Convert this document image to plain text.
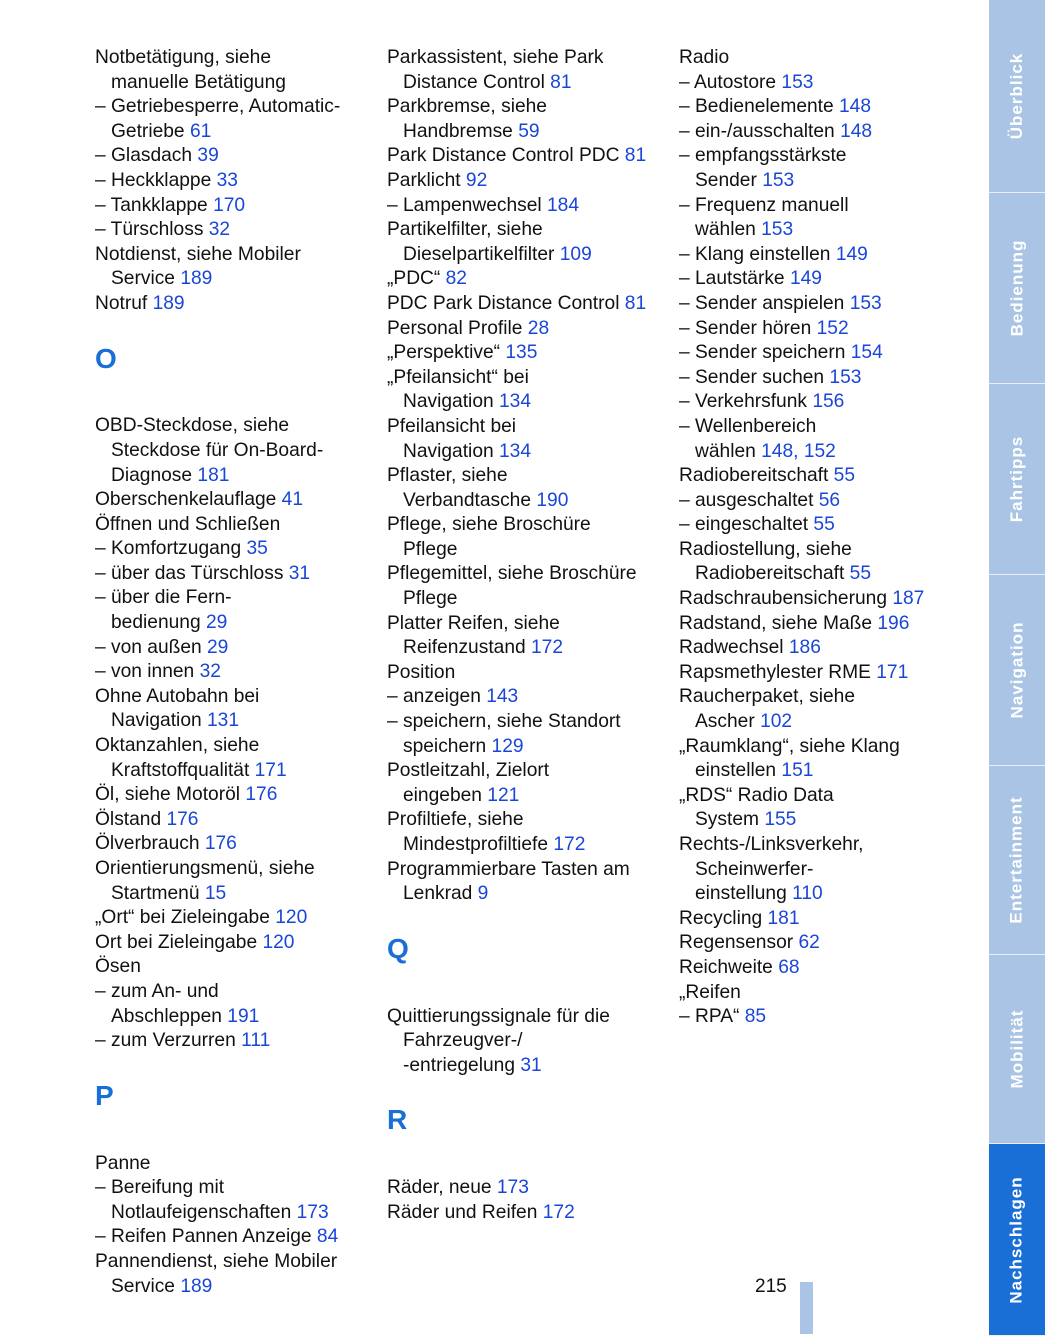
Notbetätigung, siehe
manuelle Betätigung
– Getriebesperre, Automatic-
Getriebe 61
– Glasdach 39
– Heckklappe 33
– Tankklappe 170
– Türschloss 32
Notdienst, siehe Mobiler
Service 189
Notruf 189
O
OBD-Steckdose, siehe
Steckdose für On-Board-
Diagnose 181
Oberschenkelauflage 41
Öffnen und Schließen
– Komfortzugang 35
– über das Türschloss 31
– über die Fern-
bedienung 29
– von außen 29
– von innen 32
Ohne Autobahn bei
Navigation 131
Oktanzahlen, siehe
Kraftstoffqualität 171
Öl, siehe Motoröl 176
Ölstand 176
Ölverbrauch 176
Orientierungsmenü, siehe
Startmenü 15
„Ort“ bei Zieleingabe 120
Ort bei Zieleingabe 120
Ösen
– zum An- und
Abschleppen 191
– zum Verzurren 111
P
Panne
– Bereifung mit
Notlaufeigenschaften 173
– Reifen Pannen Anzeige 84
Pannendienst, siehe Mobiler
Service 189
Parkassistent, siehe Park
Distance Control 81
Parkbremse, siehe
Handbremse 59
Park Distance Control PDC 81
Parklicht 92
– Lampenwechsel 184
Partikelfilter, siehe
Dieselpartikelfilter 109
„PDC“ 82
PDC Park Distance Control 81
Personal Profile 28
„Perspektive“ 135
„Pfeilansicht“ bei
Navigation 134
Pfeilansicht bei
Navigation 134
Pflaster, siehe
Verbandtasche 190
Pflege, siehe Broschüre
Pflege
Pflegemittel, siehe Broschüre
Pflege
Platter Reifen, siehe
Reifenzustand 172
Position
– anzeigen 143
– speichern, siehe Standort
speichern 129
Postleitzahl, Zielort
eingeben 121
Profiltiefe, siehe
Mindestprofiltiefe 172
Programmierbare Tasten am
Lenkrad 9
Q
Quittierungssignale für die
Fahrzeugver-/
-entriegelung 31
R
Räder, neue 173
Räder und Reifen 172
Radio
– Autostore 153
– Bedienelemente 148
– ein-/ausschalten 148
– empfangsstärkste
Sender 153
– Frequenz manuell
wählen 153
– Klang einstellen 149
– Lautstärke 149
– Sender anspielen 153
– Sender hören 152
– Sender speichern 154
– Sender suchen 153
– Verkehrsfunk 156
– Wellenbereich
wählen 148, 152
Radiobereitschaft 55
– ausgeschaltet 56
– eingeschaltet 55
Radiostellung, siehe
Radiobereitschaft 55
Radschraubensicherung 187
Radstand, siehe Maße 196
Radwechsel 186
Rapsmethylester RME 171
Raucherpaket, siehe
Ascher 102
„Raumklang“, siehe Klang
einstellen 151
„RDS“ Radio Data
System 155
Rechts-/Linksverkehr,
Scheinwerfer-
einstellung 110
Recycling 181
Regensensor 62
Reichweite 68
„Reifen
– RPA“ 85
Überblick
Bedienung
Fahrtipps
Navigation
Entertainment
Mobilität
Nachschlagen
215
